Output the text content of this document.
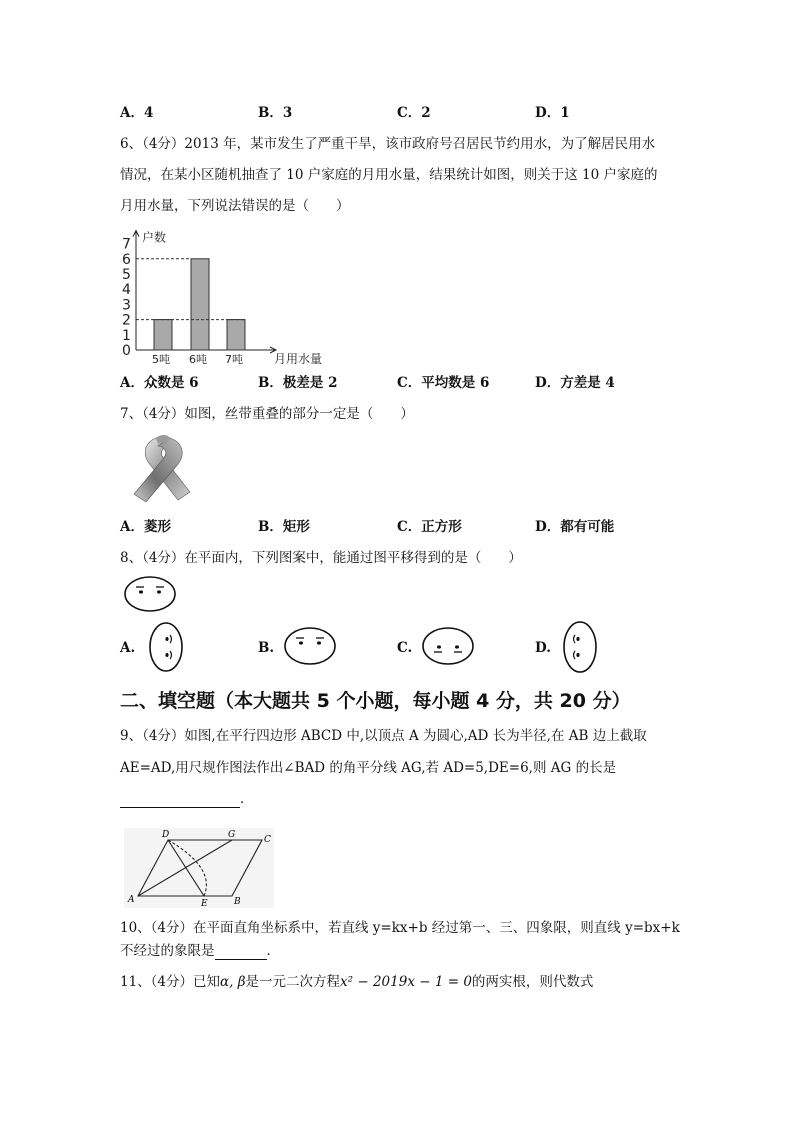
A．4	B．3	C．2	D．1
6、（4分）2013 年，某市发生了严重干旱，该市政府号召居民节约用水，为了解居民用水
情况，在某小区随机抽查了 10 户家庭的月用水量，结果统计如图，则关于这 10 户家庭的
月用水量，下列说法错误的是（　　）
0
1
2
3
4
5
6
7 户数
5吨 6吨 7吨	月用水量
A．众数是 6	B．极差是 2	C．平均数是 6	D．方差是 4
7、（4分）如图，丝带重叠的部分一定是（　　）
A．菱形	B．矩形	C．正方形	D．都有可能
8、（4分）在平面内，下列图案中，能通过图平移得到的是（　　）
A.	B.	C.	D.
二、填空题（本大题共 5 个小题，每小题 4 分，共 20 分）
9、（4分）如图,在平行四边形 ABCD 中,以顶点 A 为圆心,AD 长为半径,在 AB 边上截取
AE=AD,用尺规作图法作出∠BAD 的角平分线 AG,若 AD=5,DE=6,则 AG 的长是
．
D	G	C
A	E	B
10、（4分）在平面直角坐标系中，若直线 y=kx+b 经过第一、三、四象限，则直线 y=bx+k
不经过的象限是	．
11、（4分）已知α, β是一元二次方程x² − 2019x − 1 = 0的两实根，则代数式
